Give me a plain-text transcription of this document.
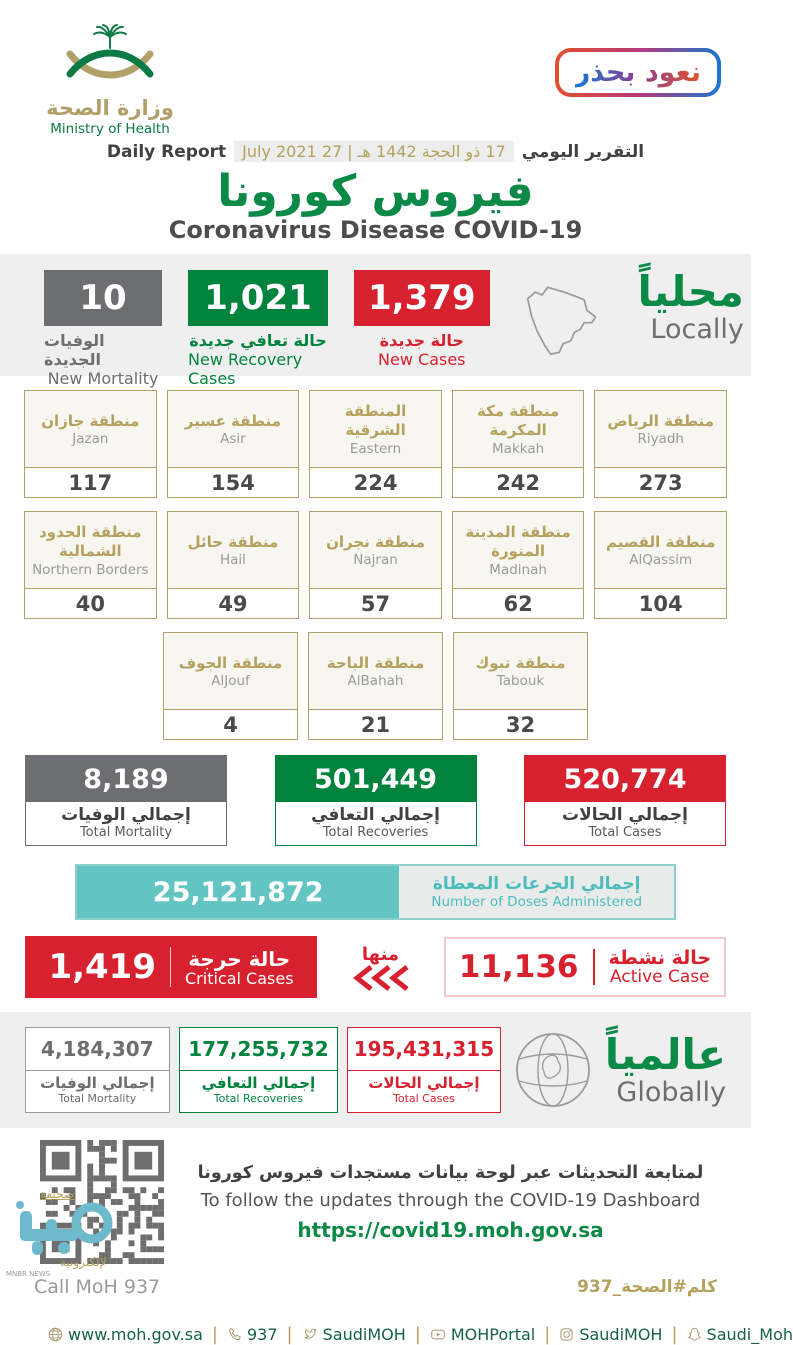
وزارة الصحة
Ministry of Health
نعود بحذر
Daily Report	17 ذو الحجة 1442 هـ | 27 July 2021 التقرير اليومي
فيروس كورونا
Coronavirus Disease COVID-19
10
الوفيات الجديدة
New Mortality
1,021
حالة تعافي جديدة
New Recovery Cases
1,379
حالة جديدة
New Cases
محلياً
Locally
منطقة الرياض
Riyadh
273
منطقة مكة المكرمة
Makkah
242
المنطقة الشرقية
Eastern
224
منطقة عسير
Asir
154
منطقة جازان
Jazan
117
منطقة القصيم
AlQassim
104
منطقة المدينة المنورة
Madinah
62
منطقة نجران
Najran
57
منطقة حائل
Hail
49
منطقة الحدود الشمالية
Northern Borders
40
منطقة تبوك
Tabouk
32
منطقة الباحة
AlBahah
21
منطقة الجوف
AlJouf
4
8,189
إجمالي الوفيات
Total Mortality
501,449
إجمالي التعافي
Total Recoveries
520,774
إجمالي الحالات
Total Cases
25,121,872	إجمالي الجرعات المعطاة
Number of Doses Administered
1,419 حالة حرجة
Critical Cases
منها 11,136 حالة نشطة
Active Case
4,184,307
إجمالي الوفيات
Total Mortality
177,255,732
إجمالي التعافي
Total Recoveries
195,431,315
إجمالي الحالات
Total Cases
عالمياً
Globally
لمتابعة التحديثات عبر لوحة بيانات مستجدات فيروس كورونا
To follow the updates through the COVID-19 Dashboard
https://covid19.moh.gov.sa
Call MoH 937	كلم#الصحة_937
www.moh.gov.sa | 937 | SaudiMOH | MOHPortal | SaudiMOH | Saudi_Moh
صحيفة
لإلكترونية
MNBR NEWS
